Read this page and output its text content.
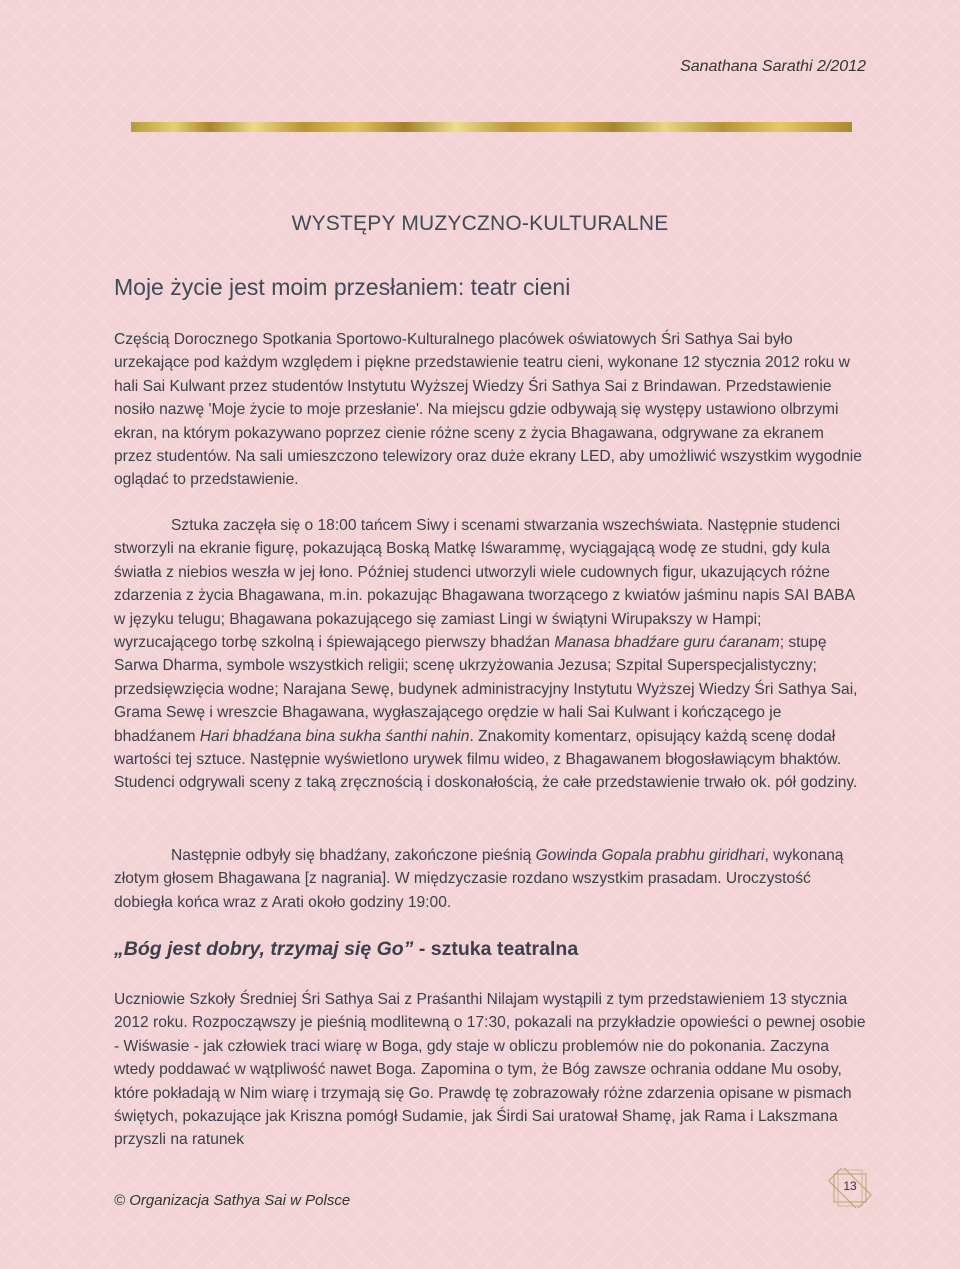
Sanathana Sarathi 2/2012
WYSTĘPY MUZYCZNO-KULTURALNE
Moje życie jest moim przesłaniem: teatr cieni

Częścią Dorocznego Spotkania Sportowo-Kulturalnego placówek oświatowych Śri Sathya Sai było urzekające pod każdym względem i piękne przedstawienie teatru cieni, wykonane 12 stycznia 2012 roku w hali Sai Kulwant przez studentów Instytutu Wyższej Wiedzy Śri Sathya Sai z Brindawan. Przedstawienie nosiło nazwę 'Moje życie to moje przesłanie'. Na miejscu gdzie odbywają się występy ustawiono olbrzymi ekran, na którym pokazywano poprzez cienie różne sceny z życia Bhagawana, odgrywane za ekranem przez studentów. Na sali umieszczono telewizory oraz duże ekrany LED, aby umożliwić wszystkim wygodnie oglądać to przedstawienie.

Sztuka zaczęła się o 18:00 tańcem Siwy i scenami stwarzania wszechświata. Następnie studenci stworzyli na ekranie figurę, pokazującą Boską Matkę Iśwarammę, wyciągającą wodę ze studni, gdy kula światła z niebios weszła w jej łono. Później studenci utworzyli wiele cudownych figur, ukazujących różne zdarzenia z życia Bhagawana, m.in. pokazując Bhagawana tworzącego z kwiatów jaśminu napis SAI BABA w języku telugu; Bhagawana pokazującego się zamiast Lingi w świątyni Wirupakszy w Hampi; wyrzucającego torbę szkolną i śpiewającego pierwszy bhadźan Manasa bhadźare guru ćaranam; stupę Sarwa Dharma, symbole wszystkich religii; scenę ukrzyżowania Jezusa; Szpital Superspecjalistyczny; przedsięwzięcia wodne; Narajana Sewę, budynek administracyjny Instytutu Wyższej Wiedzy Śri Sathya Sai, Grama Sewę i wreszcie Bhagawana, wygłaszającego orędzie w hali Sai Kulwant i kończącego je bhadźanem Hari bhadźana bina sukha śanthi nahin. Znakomity komentarz, opisujący każdą scenę dodał wartości tej sztuce. Następnie wyświetlono urywek filmu wideo, z Bhagawanem błogosławiącym bhaktów. Studenci odgrywali sceny z taką zręcznością i doskonałością, że całe przedstawienie trwało ok. pół godziny.

Następnie odbyły się bhadźany, zakończone pieśnią Gowinda Gopala prabhu giridhari, wykonaną złotym głosem Bhagawana [z nagrania]. W międzyczasie rozdano wszystkim prasadam. Uroczystość dobiegła końca wraz z Arati około godziny 19:00.

„Bóg jest dobry, trzymaj się Go” - sztuka teatralna

Uczniowie Szkoły Średniej Śri Sathya Sai z Praśanthi Nilajam wystąpili z tym przedstawieniem 13 stycznia 2012 roku. Rozpocząwszy je pieśnią modlitewną o 17:30, pokazali na przykładzie opowieści o pewnej osobie - Wiśwasie - jak człowiek traci wiarę w Boga, gdy staje w obliczu problemów nie do pokonania. Zaczyna wtedy poddawać w wątpliwość nawet Boga. Zapomina o tym, że Bóg zawsze ochrania oddane Mu osoby, które pokładają w Nim wiarę i trzymają się Go. Prawdę tę zobrazowały różne zdarzenia opisane w pismach świętych, pokazujące jak Kriszna pomógł Sudamie, jak Śirdi Sai uratował Shamę, jak Rama i Lakszmana przyszli na ratunek

© Organizacja Sathya Sai w Polsce
13
